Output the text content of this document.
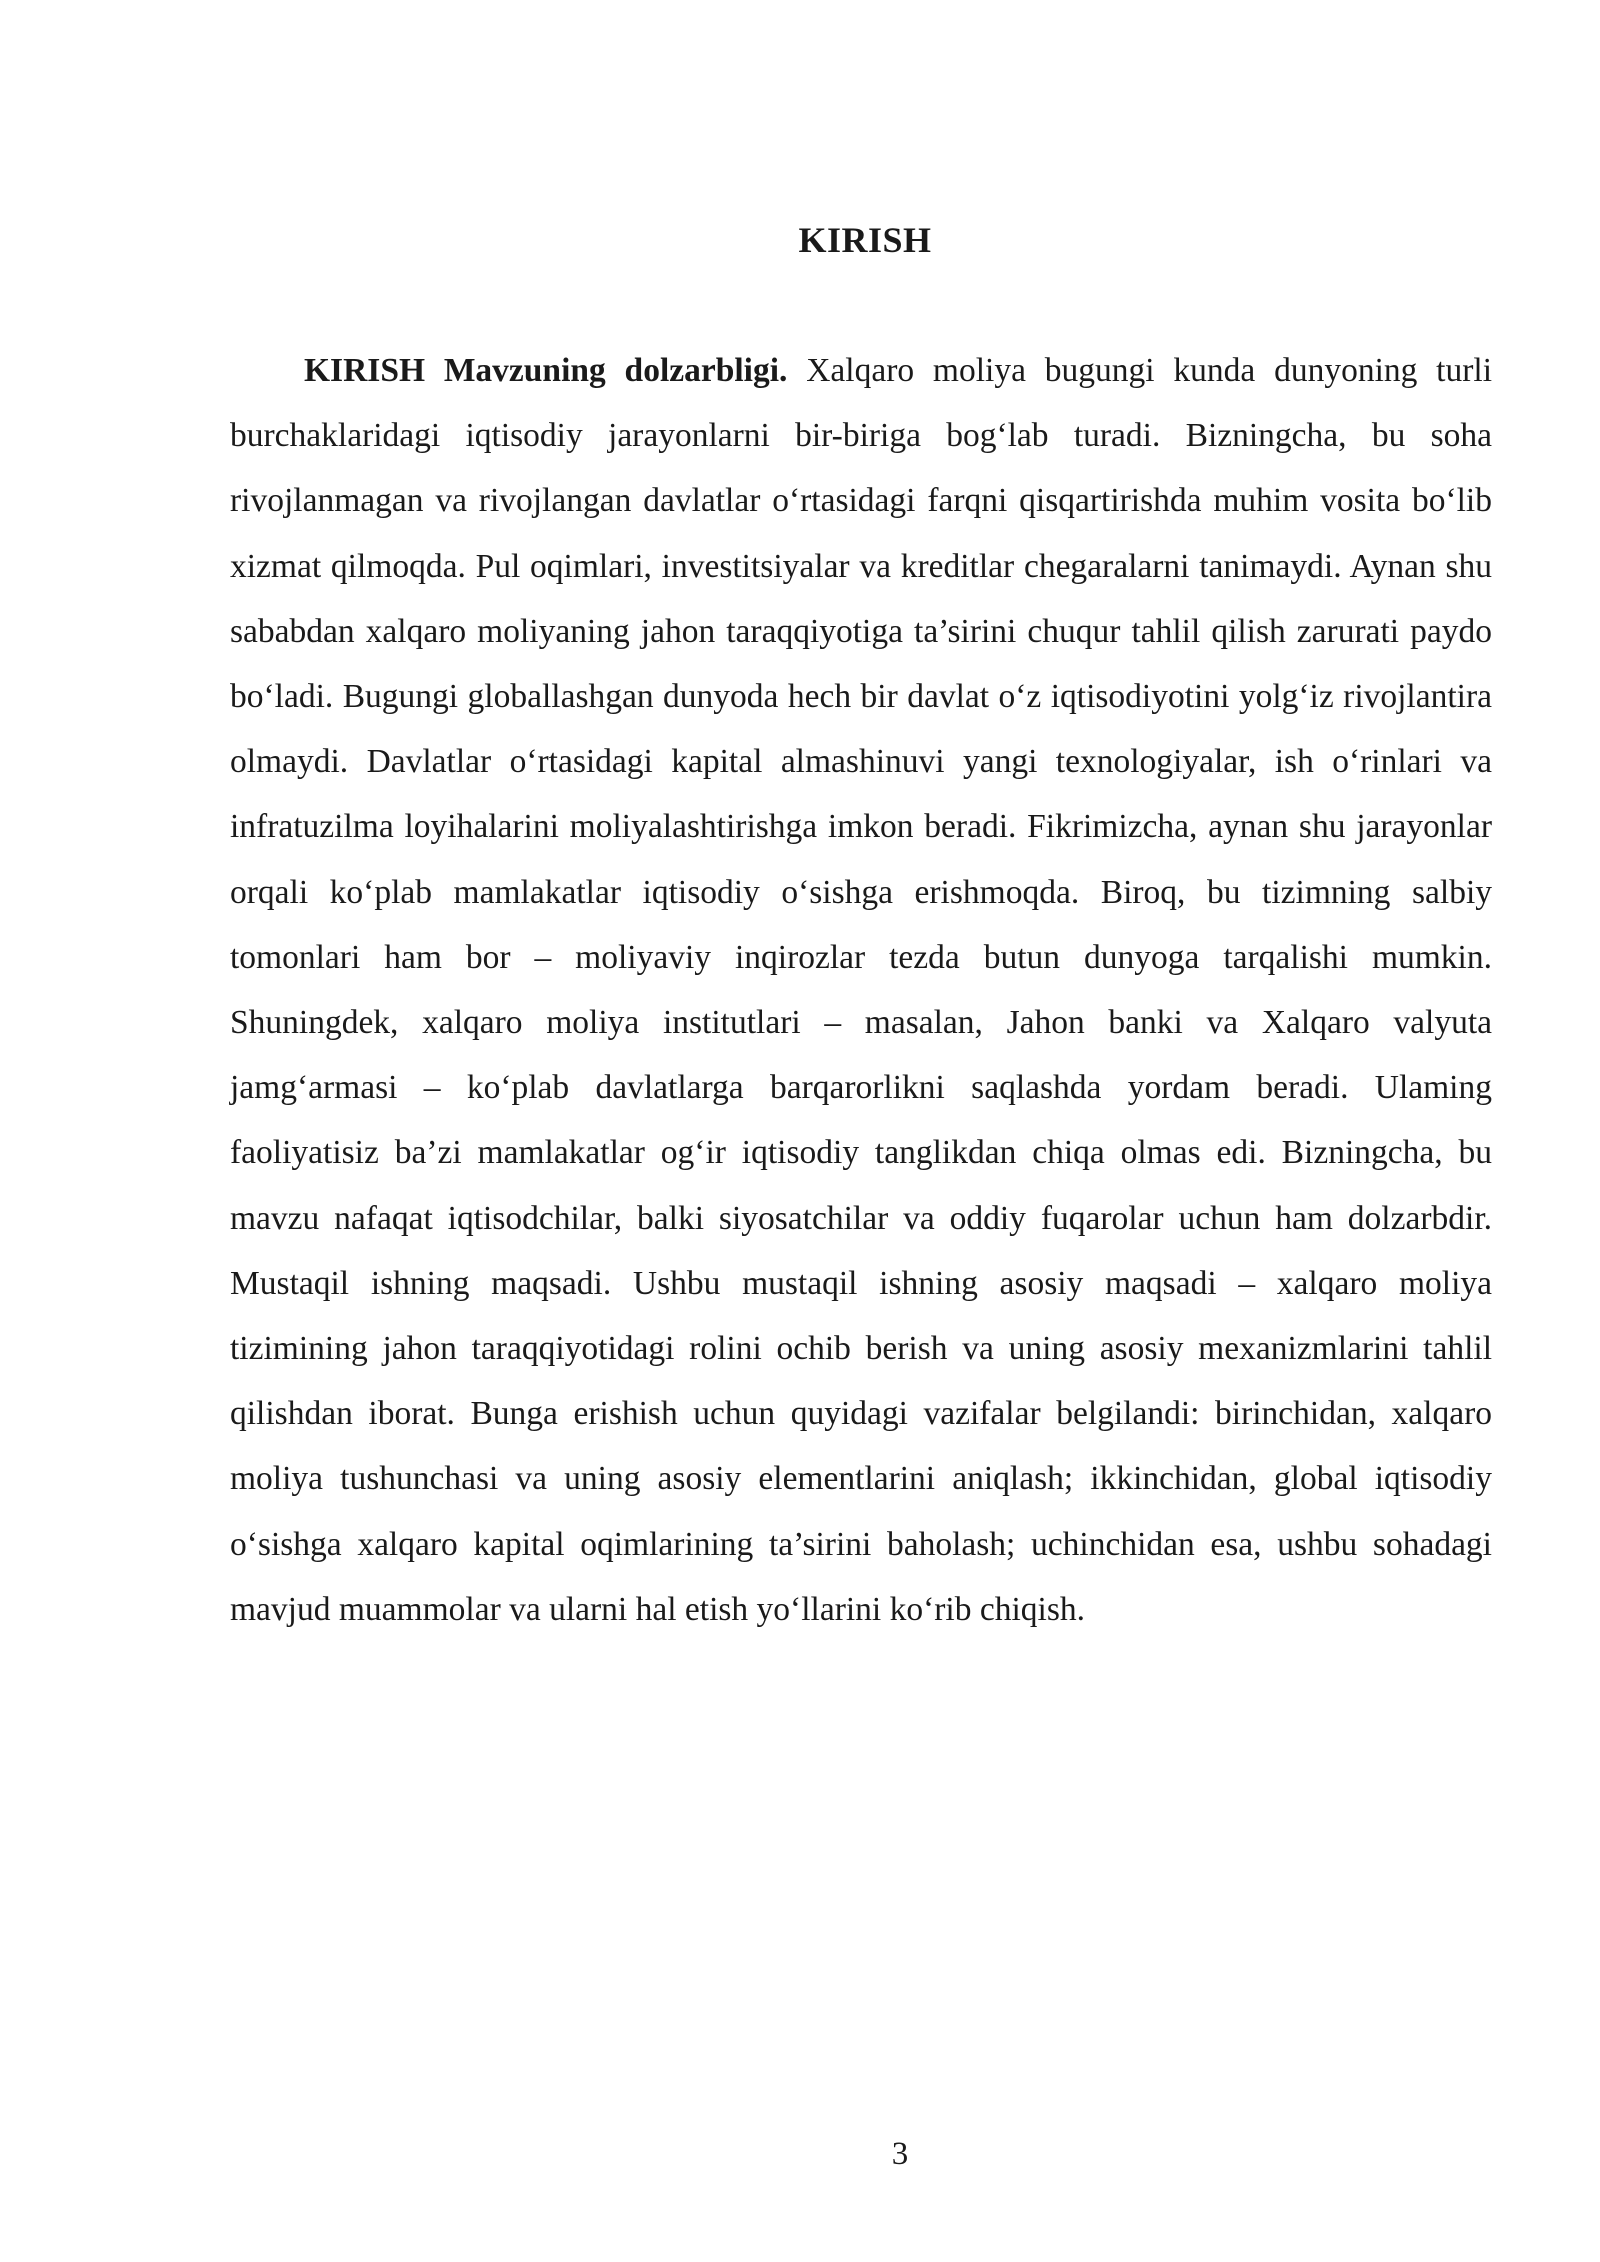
KIRISH

KIRISH Mavzuning dolzarbligi. Xalqaro moliya bugungi kunda dunyoning turli burchaklaridagi iqtisodiy jarayonlarni bir-biriga bog‘lab turadi. Bizningcha, bu soha rivojlanmagan va rivojlangan davlatlar o‘rtasidagi farqni qisqartirishda muhim vosita bo‘lib xizmat qilmoqda. Pul oqimlari, investitsiyalar va kreditlar chegaralarni tanimaydi. Aynan shu sababdan xalqaro moliyaning jahon taraqqiyotiga ta’sirini chuqur tahlil qilish zarurati paydo bo‘ladi. Bugungi globallashgan dunyoda hech bir davlat o‘z iqtisodiyotini yolg‘iz rivojlantira olmaydi. Davlatlar o‘rtasidagi kapital almashinuvi yangi texnologiyalar, ish o‘rinlari va infratuzilma loyihalarini moliyalashtirishga imkon beradi. Fikrimizcha, aynan shu jarayonlar orqali ko‘plab mamlakatlar iqtisodiy o‘sishga erishmoqda. Biroq, bu tizimning salbiy tomonlari ham bor – moliyaviy inqirozlar tezda butun dunyoga tarqalishi mumkin. Shuningdek, xalqaro moliya institutlari – masalan, Jahon banki va Xalqaro valyuta jamg‘armasi – ko‘plab davlatlarga barqarorlikni saqlashda yordam beradi. Ulaming faoliyatisiz ba’zi mamlakatlar og‘ir iqtisodiy tanglikdan chiqa olmas edi. Bizningcha, bu mavzu nafaqat iqtisodchilar, balki siyosatchilar va oddiy fuqarolar uchun ham dolzarbdir. Mustaqil ishning maqsadi. Ushbu mustaqil ishning asosiy maqsadi – xalqaro moliya tizimining jahon taraqqiyotidagi rolini ochib berish va uning asosiy mexanizmlarini tahlil qilishdan iborat. Bunga erishish uchun quyidagi vazifalar belgilandi: birinchidan, xalqaro moliya tushunchasi va uning asosiy elementlarini aniqlash; ikkinchidan, global iqtisodiy o‘sishga xalqaro kapital oqimlarining ta’sirini baholash; uchinchidan esa, ushbu sohadagi mavjud muammolar va ularni hal etish yo‘llarini ko‘rib chiqish.

3
